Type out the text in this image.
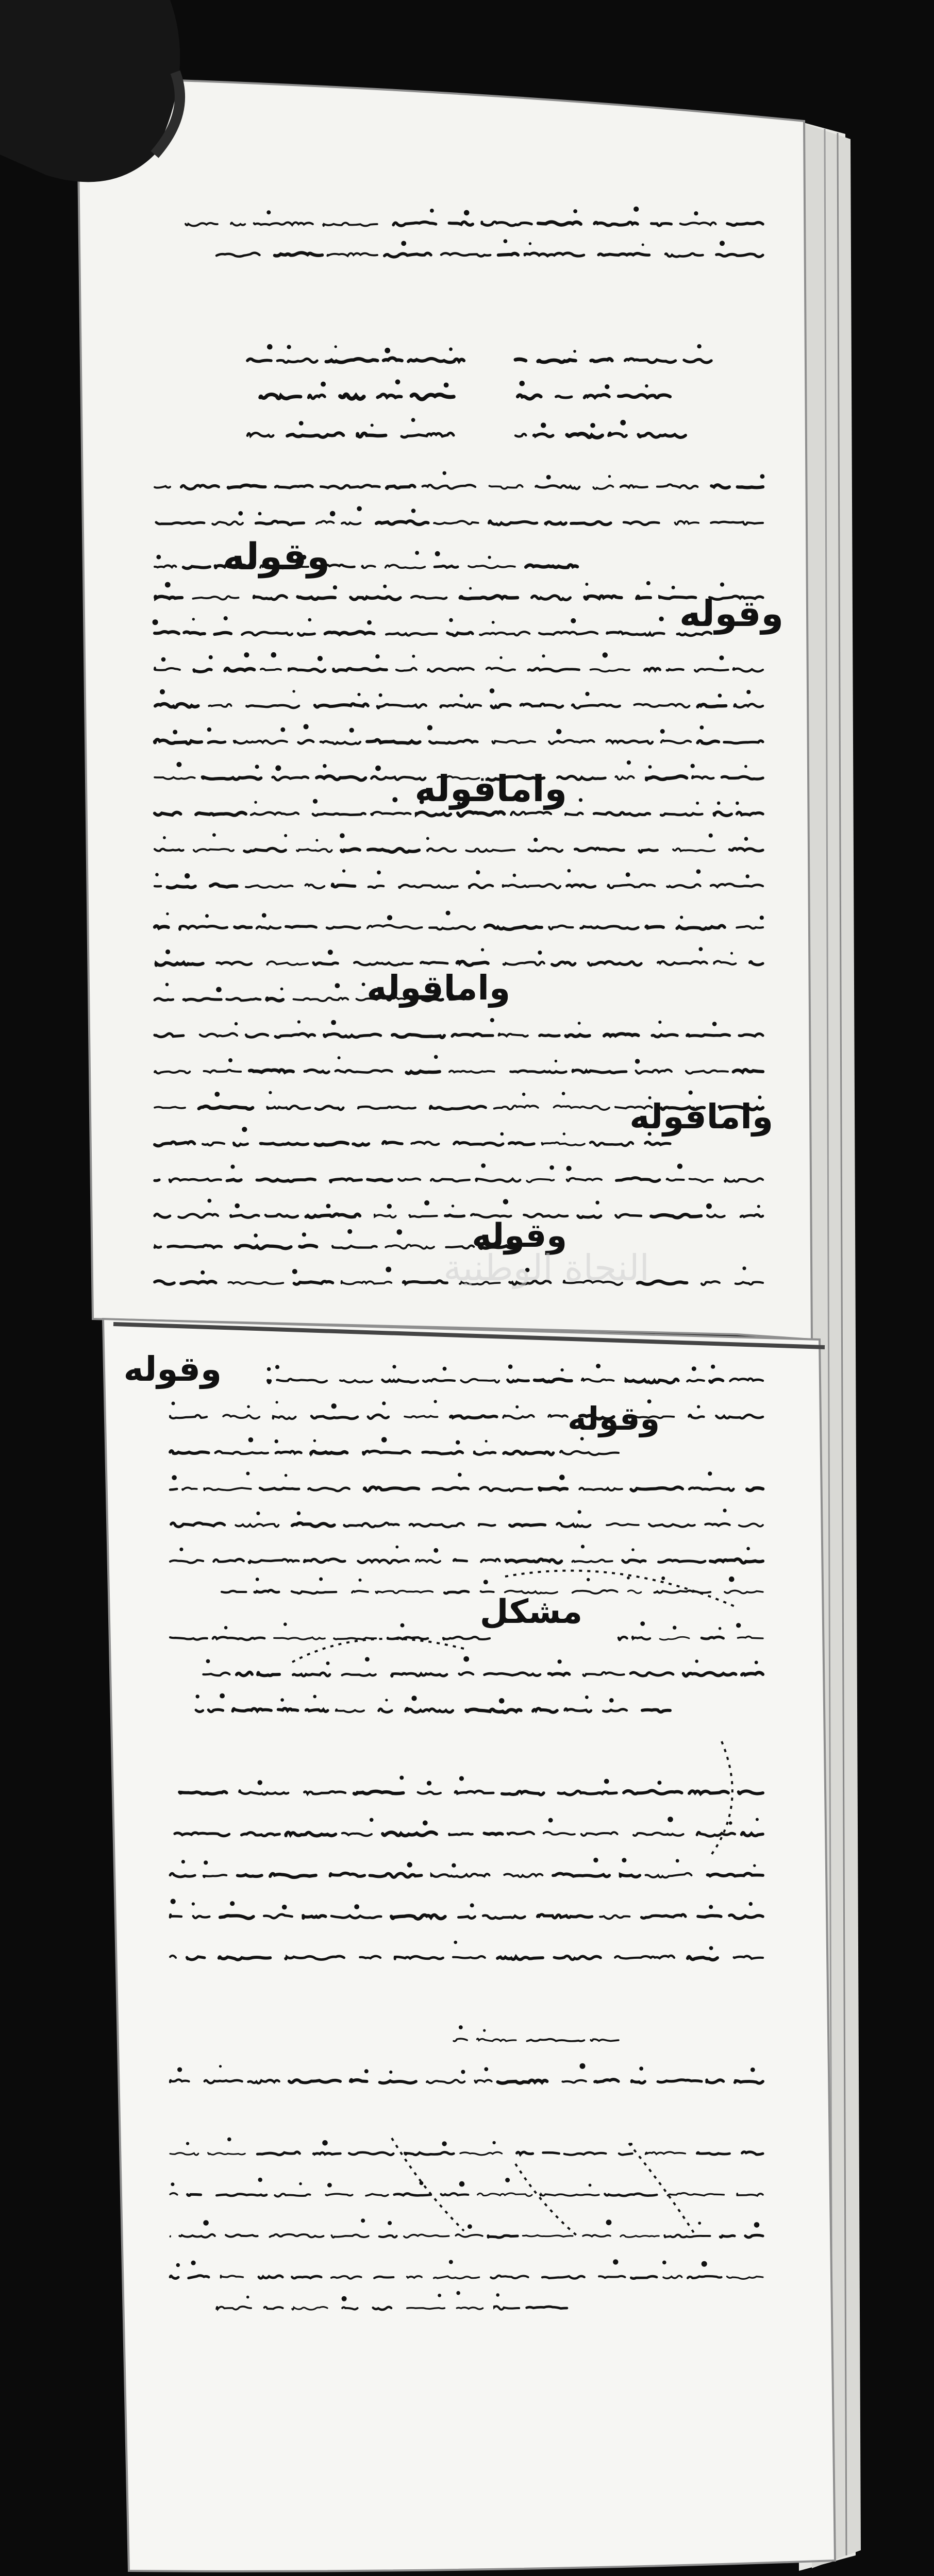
وقوله
وقوله
واماقوله
واماقوله
واماقوله
وقوله
وقوله
وقوله
مشكل
النحاة الوطنية
